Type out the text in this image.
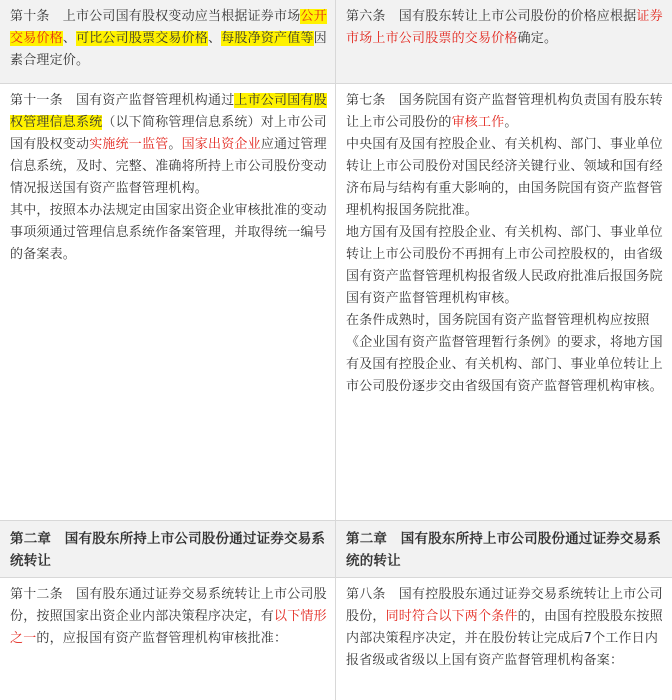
第十条　上市公司国有股权变动应当根据证券市场公开交易价格、可比公司股票交易价格、每股净资产值等因素合理定价。

第六条　国有股东转让上市公司股份的价格应根据证券市场上市公司股票的交易价格确定。

第十一条　国有资产监督管理机构通过上市公司国有股权管理信息系统（以下简称管理信息系统）对上市公司国有股权变动实施统一监管。国家出资企业应通过管理信息系统，及时、完整、准确将所持上市公司股份变动情况报送国有资产监督管理机构。

其中，按照本办法规定由国家出资企业审核批准的变动事项须通过管理信息系统作备案管理，并取得统一编号的备案表。

第七条　国务院国有资产监督管理机构负责国有股东转让上市公司股份的审核工作。

中央国有及国有控股企业、有关机构、部门、事业单位转让上市公司股份对国民经济关键行业、领域和国有经济布局与结构有重大影响的，由国务院国有资产监督管理机构报国务院批准。

地方国有及国有控股企业、有关机构、部门、事业单位转让上市公司股份不再拥有上市公司控股权的，由省级国有资产监督管理机构报省级人民政府批准后报国务院国有资产监督管理机构审核。

在条件成熟时，国务院国有资产监督管理机构应按照《企业国有资产监督管理暂行条例》的要求，将地方国有及国有控股企业、有关机构、部门、事业单位转让上市公司股份逐步交由省级国有资产监督管理机构审核。

第二章　国有股东所持上市公司股份通过证券交易系统转让

第二章　国有股东所持上市公司股份通过证券交易系统的转让

第十二条　国有股东通过证券交易系统转让上市公司股份，按照国家出资企业内部决策程序决定，有以下情形之一的，应报国有资产监督管理机构审核批准：

第八条　国有控股股东通过证券交易系统转让上市公司股份，同时符合以下两个条件的，由国有控股股东按照内部决策程序决定，并在股份转让完成后7个工作日内报省级或省级以上国有资产监督管理机构备案：
